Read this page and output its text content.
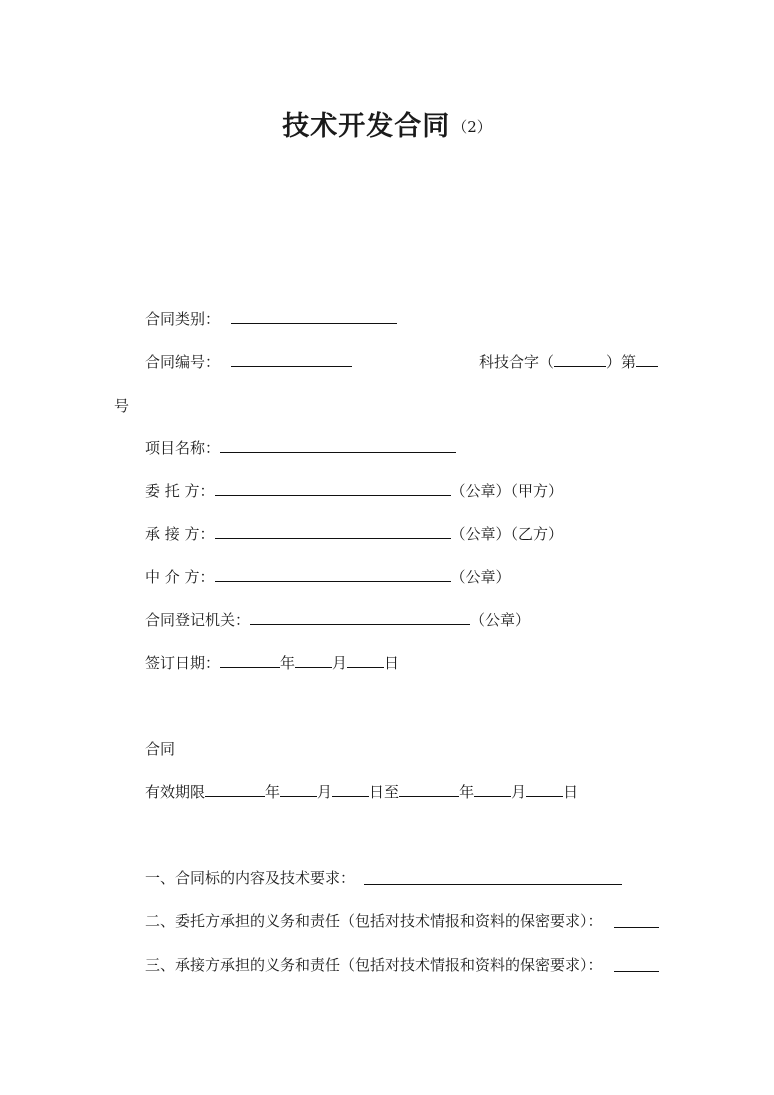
技术开发合同 （2）
合同类别：
合同编号：	科技合字（	）第
号
项目名称：
委 托 方：	（公章）（甲方）
承 接 方：	（公章）（乙方）
中 介 方：	（公章）
合同登记机关：	（公章）
签订日期：	年 月 日
合同
有效期限	年 月 日至	年 月 日
一、合同标的内容及技术要求：
二、委托方承担的义务和责任（包括对技术情报和资料的保密要求）：
三、承接方承担的义务和责任（包括对技术情报和资料的保密要求）：
